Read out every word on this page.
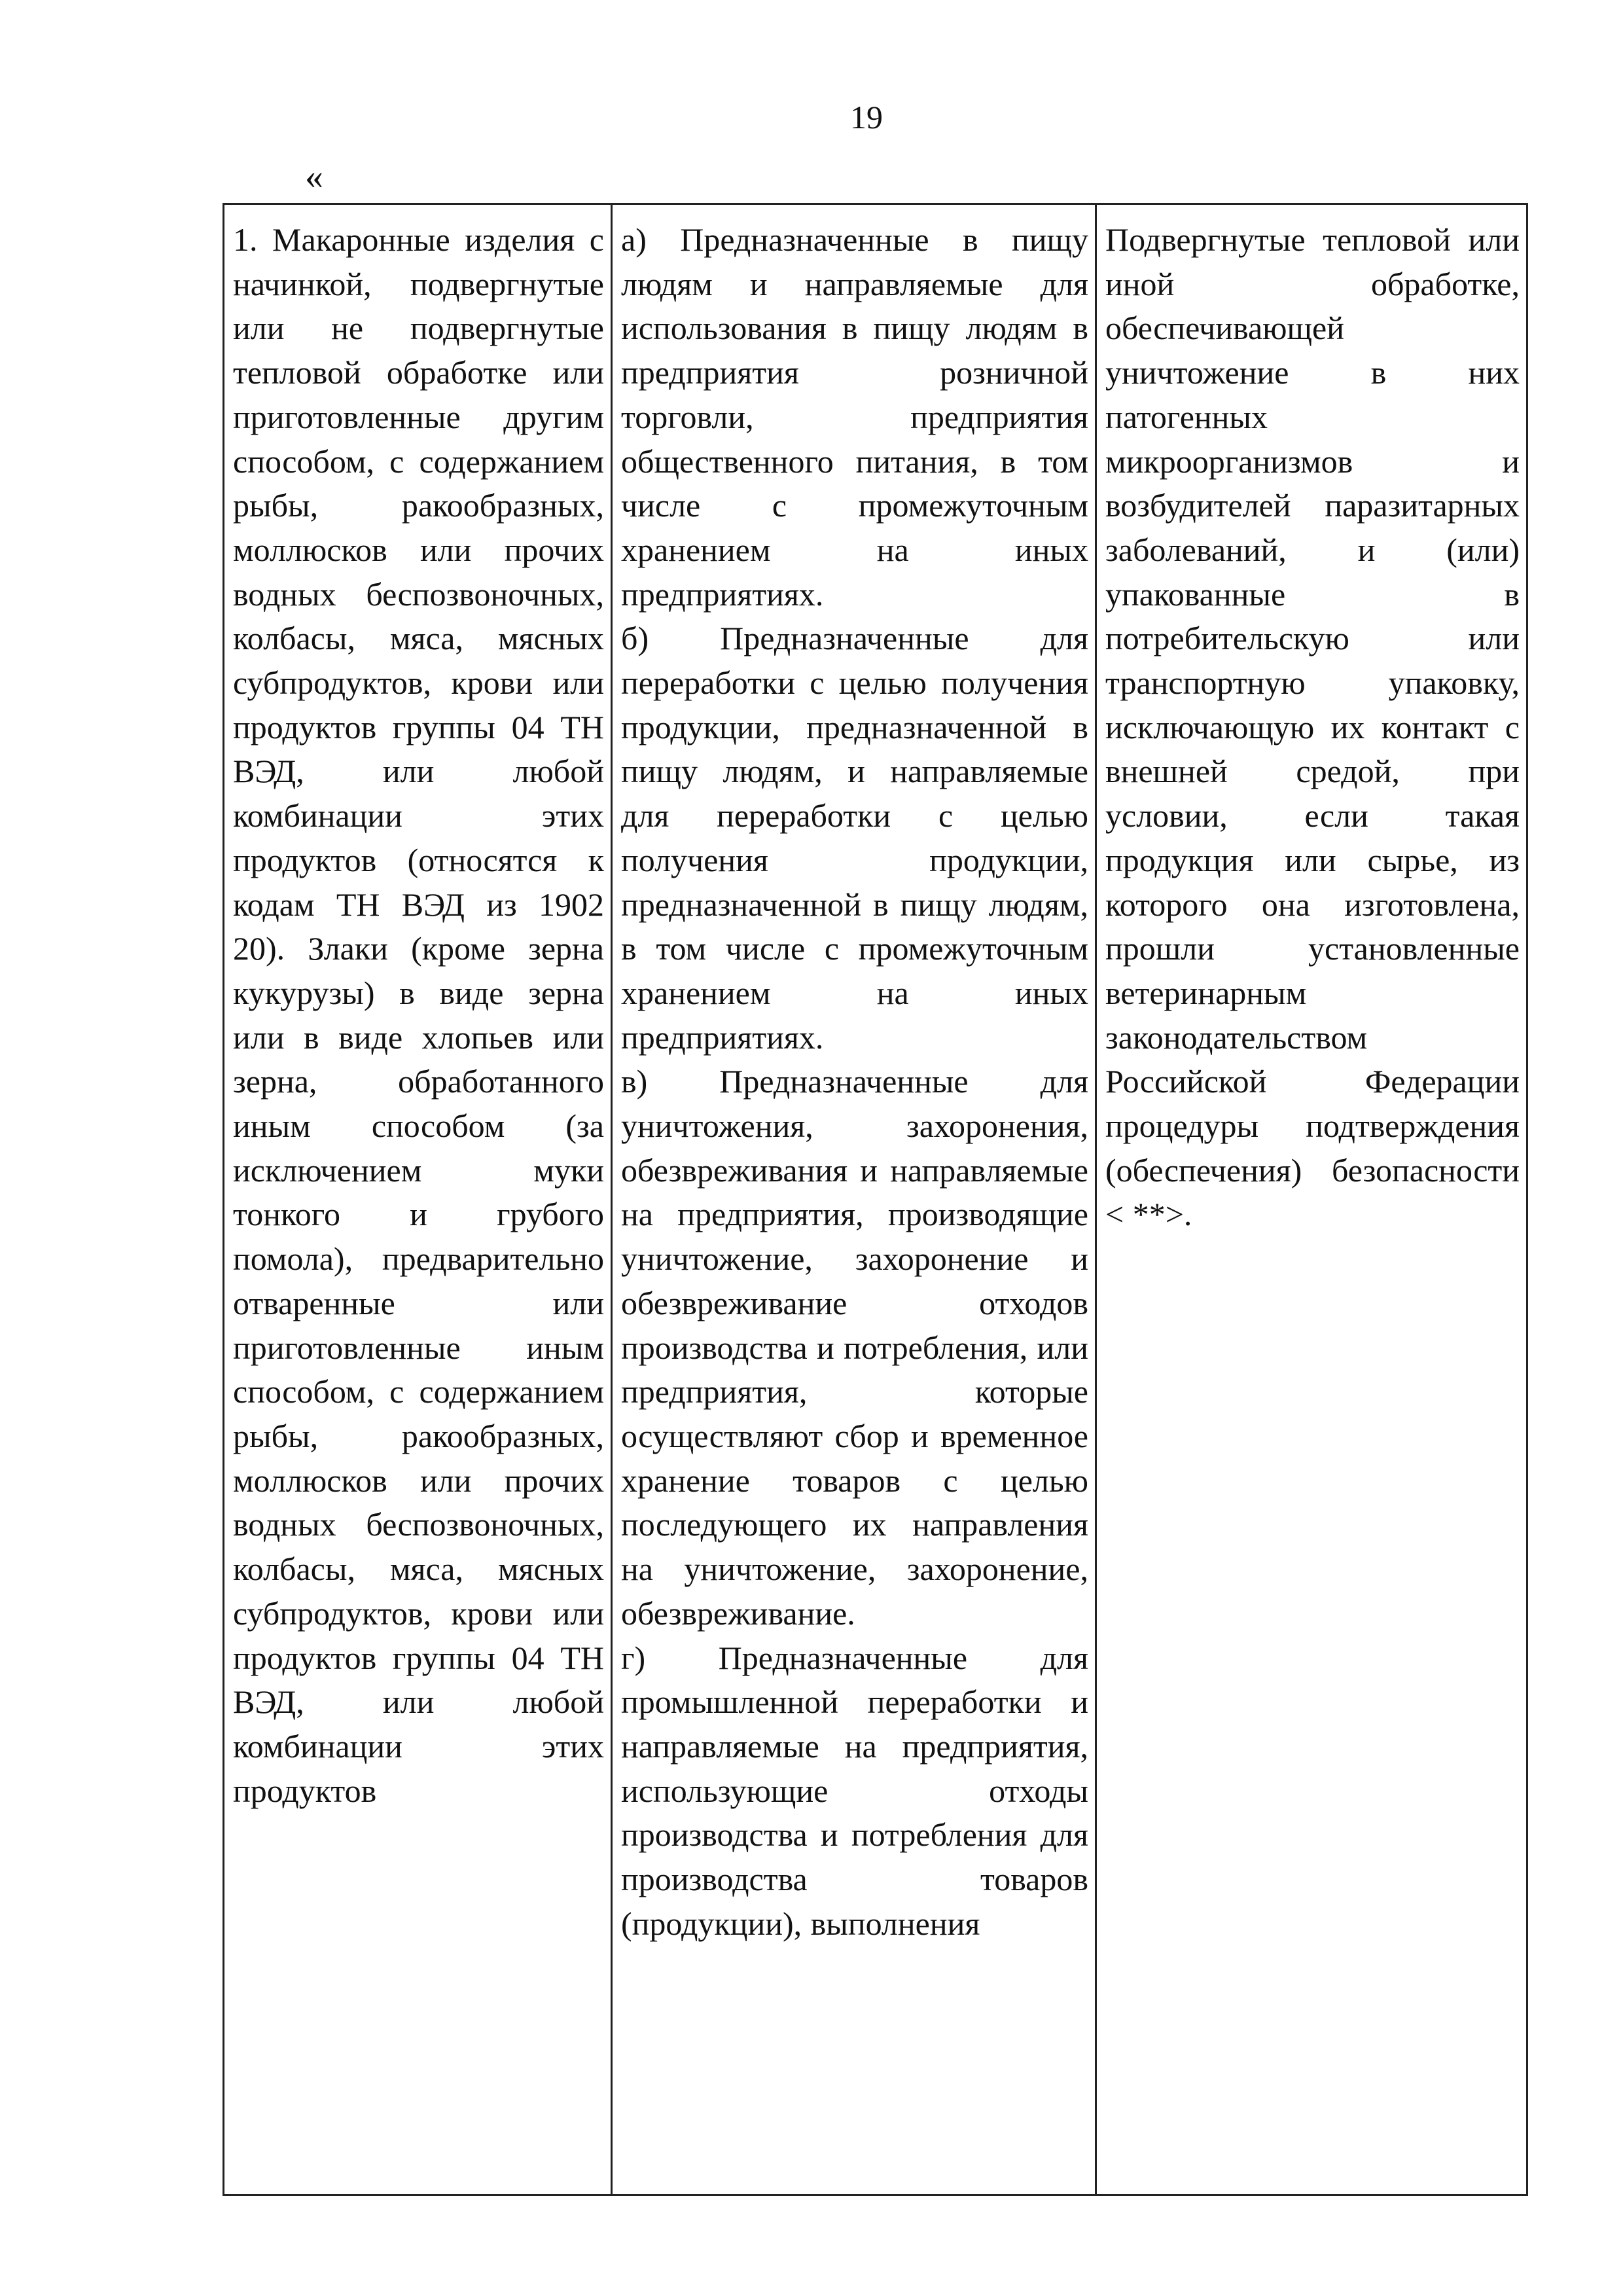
19
«

1. Макаронные изделия с начинкой, подвергнутые или не подвергнутые тепловой обработке или приготовленные другим способом, с содержанием рыбы, ракообразных, моллюсков или прочих водных беспозвоночных, колбасы, мяса, мясных субпродуктов, крови или продуктов группы 04 ТН ВЭД, или любой комбинации этих продуктов (относятся к кодам ТН ВЭД из 1902 20). Злаки (кроме зерна кукурузы) в виде зерна или в виде хлопьев или зерна, обработанного иным способом (за исключением муки тонкого и грубого помола), предварительно отваренные или приготовленные иным способом, с содержанием рыбы, ракообразных, моллюсков или прочих водных беспозвоночных, колбасы, мяса, мясных субпродуктов, крови или продуктов группы 04 ТН ВЭД, или любой комбинации этих продуктов

а) Предназначенные в пищу людям и направляемые для использования в пищу людям в предприятия розничной торговли, предприятия общественного питания, в том числе с промежуточным хранением на иных предприятиях.

б) Предназначенные для переработки с целью получения продукции, предназначенной в пищу людям, и направляемые для переработки с целью получения продукции, предназначенной в пищу людям, в том числе с промежуточным хранением на иных предприятиях.

в) Предназначенные для уничтожения, захоронения, обезвреживания и направляемые на предприятия, производящие уничтожение, захоронение и обезвреживание отходов производства и потребления, или предприятия, которые осуществляют сбор и временное хранение товаров с целью последующего их направления на уничтожение, захоронение, обезвреживание.

г) Предназначенные для промышленной переработки и направляемые на предприятия, использующие отходы производства и потребления для производства товаров (продукции), выполнения

Подвергнутые тепловой или иной обработке, обеспечивающей уничтожение в них патогенных микроорганизмов и возбудителей паразитарных заболеваний, и (или) упакованные в потребительскую или транспортную упаковку, исключающую их контакт с внешней средой, при условии, если такая продукция или сырье, из которого она изготовлена, прошли установленные ветеринарным законодательством Российской Федерации процедуры подтверждения (обеспечения) безопасности < **>.
